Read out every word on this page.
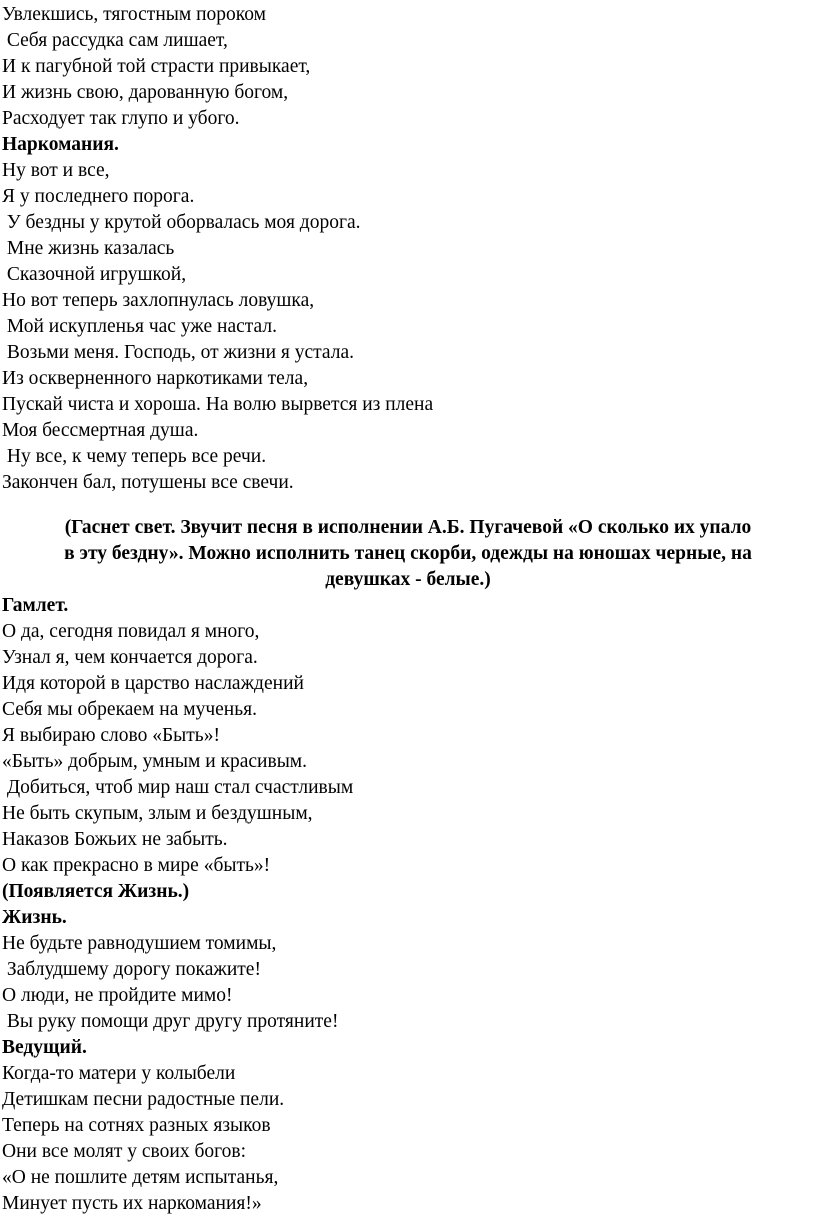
Увлекшись, тягостным пороком
Себя рассудка сам лишает,
И к пагубной той страсти привыкает,
И жизнь свою, дарованную богом,
Расходует так глупо и убого.
Наркомания.
Ну вот и все,
Я у последнего порога.
У бездны у крутой оборвалась моя дорога.
Мне жизнь казалась
Сказочной игрушкой,
Но вот теперь захлопнулась ловушка,
Мой искупленья час уже настал.
Возьми меня. Господь, от жизни я устала.
Из оскверненного наркотиками тела,
Пускай чиста и хороша. На волю вырвется из плена
Моя бессмертная душа.
Ну все, к чему теперь все речи.
Закончен бал, потушены все свечи.
(Гаснет свет. Звучит песня в исполнении А.Б. Пугачевой «О сколько их упало
в эту бездну». Можно исполнить танец скорби, одежды на юношах черные, на
девушках - белые.)
Гамлет.
О да, сегодня повидал я много,
Узнал я, чем кончается дорога.
Идя которой в царство наслаждений
Себя мы обрекаем на мученья.
Я выбираю слово «Быть»!
«Быть» добрым, умным и красивым.
Добиться, чтоб мир наш стал счастливым
Не быть скупым, злым и бездушным,
Наказов Божьих не забыть.
О как прекрасно в мире «быть»!
(Появляется Жизнь.)
Жизнь.
Не будьте равнодушием томимы,
Заблудшему дорогу покажите!
О люди, не пройдите мимо!
Вы руку помощи друг другу протяните!
Ведущий.
Когда-то матери у колыбели
Детишкам песни радостные пели.
Теперь на сотнях разных языков
Они все молят у своих богов:
«О не пошлите детям испытанья,
Минует пусть их наркомания!»
